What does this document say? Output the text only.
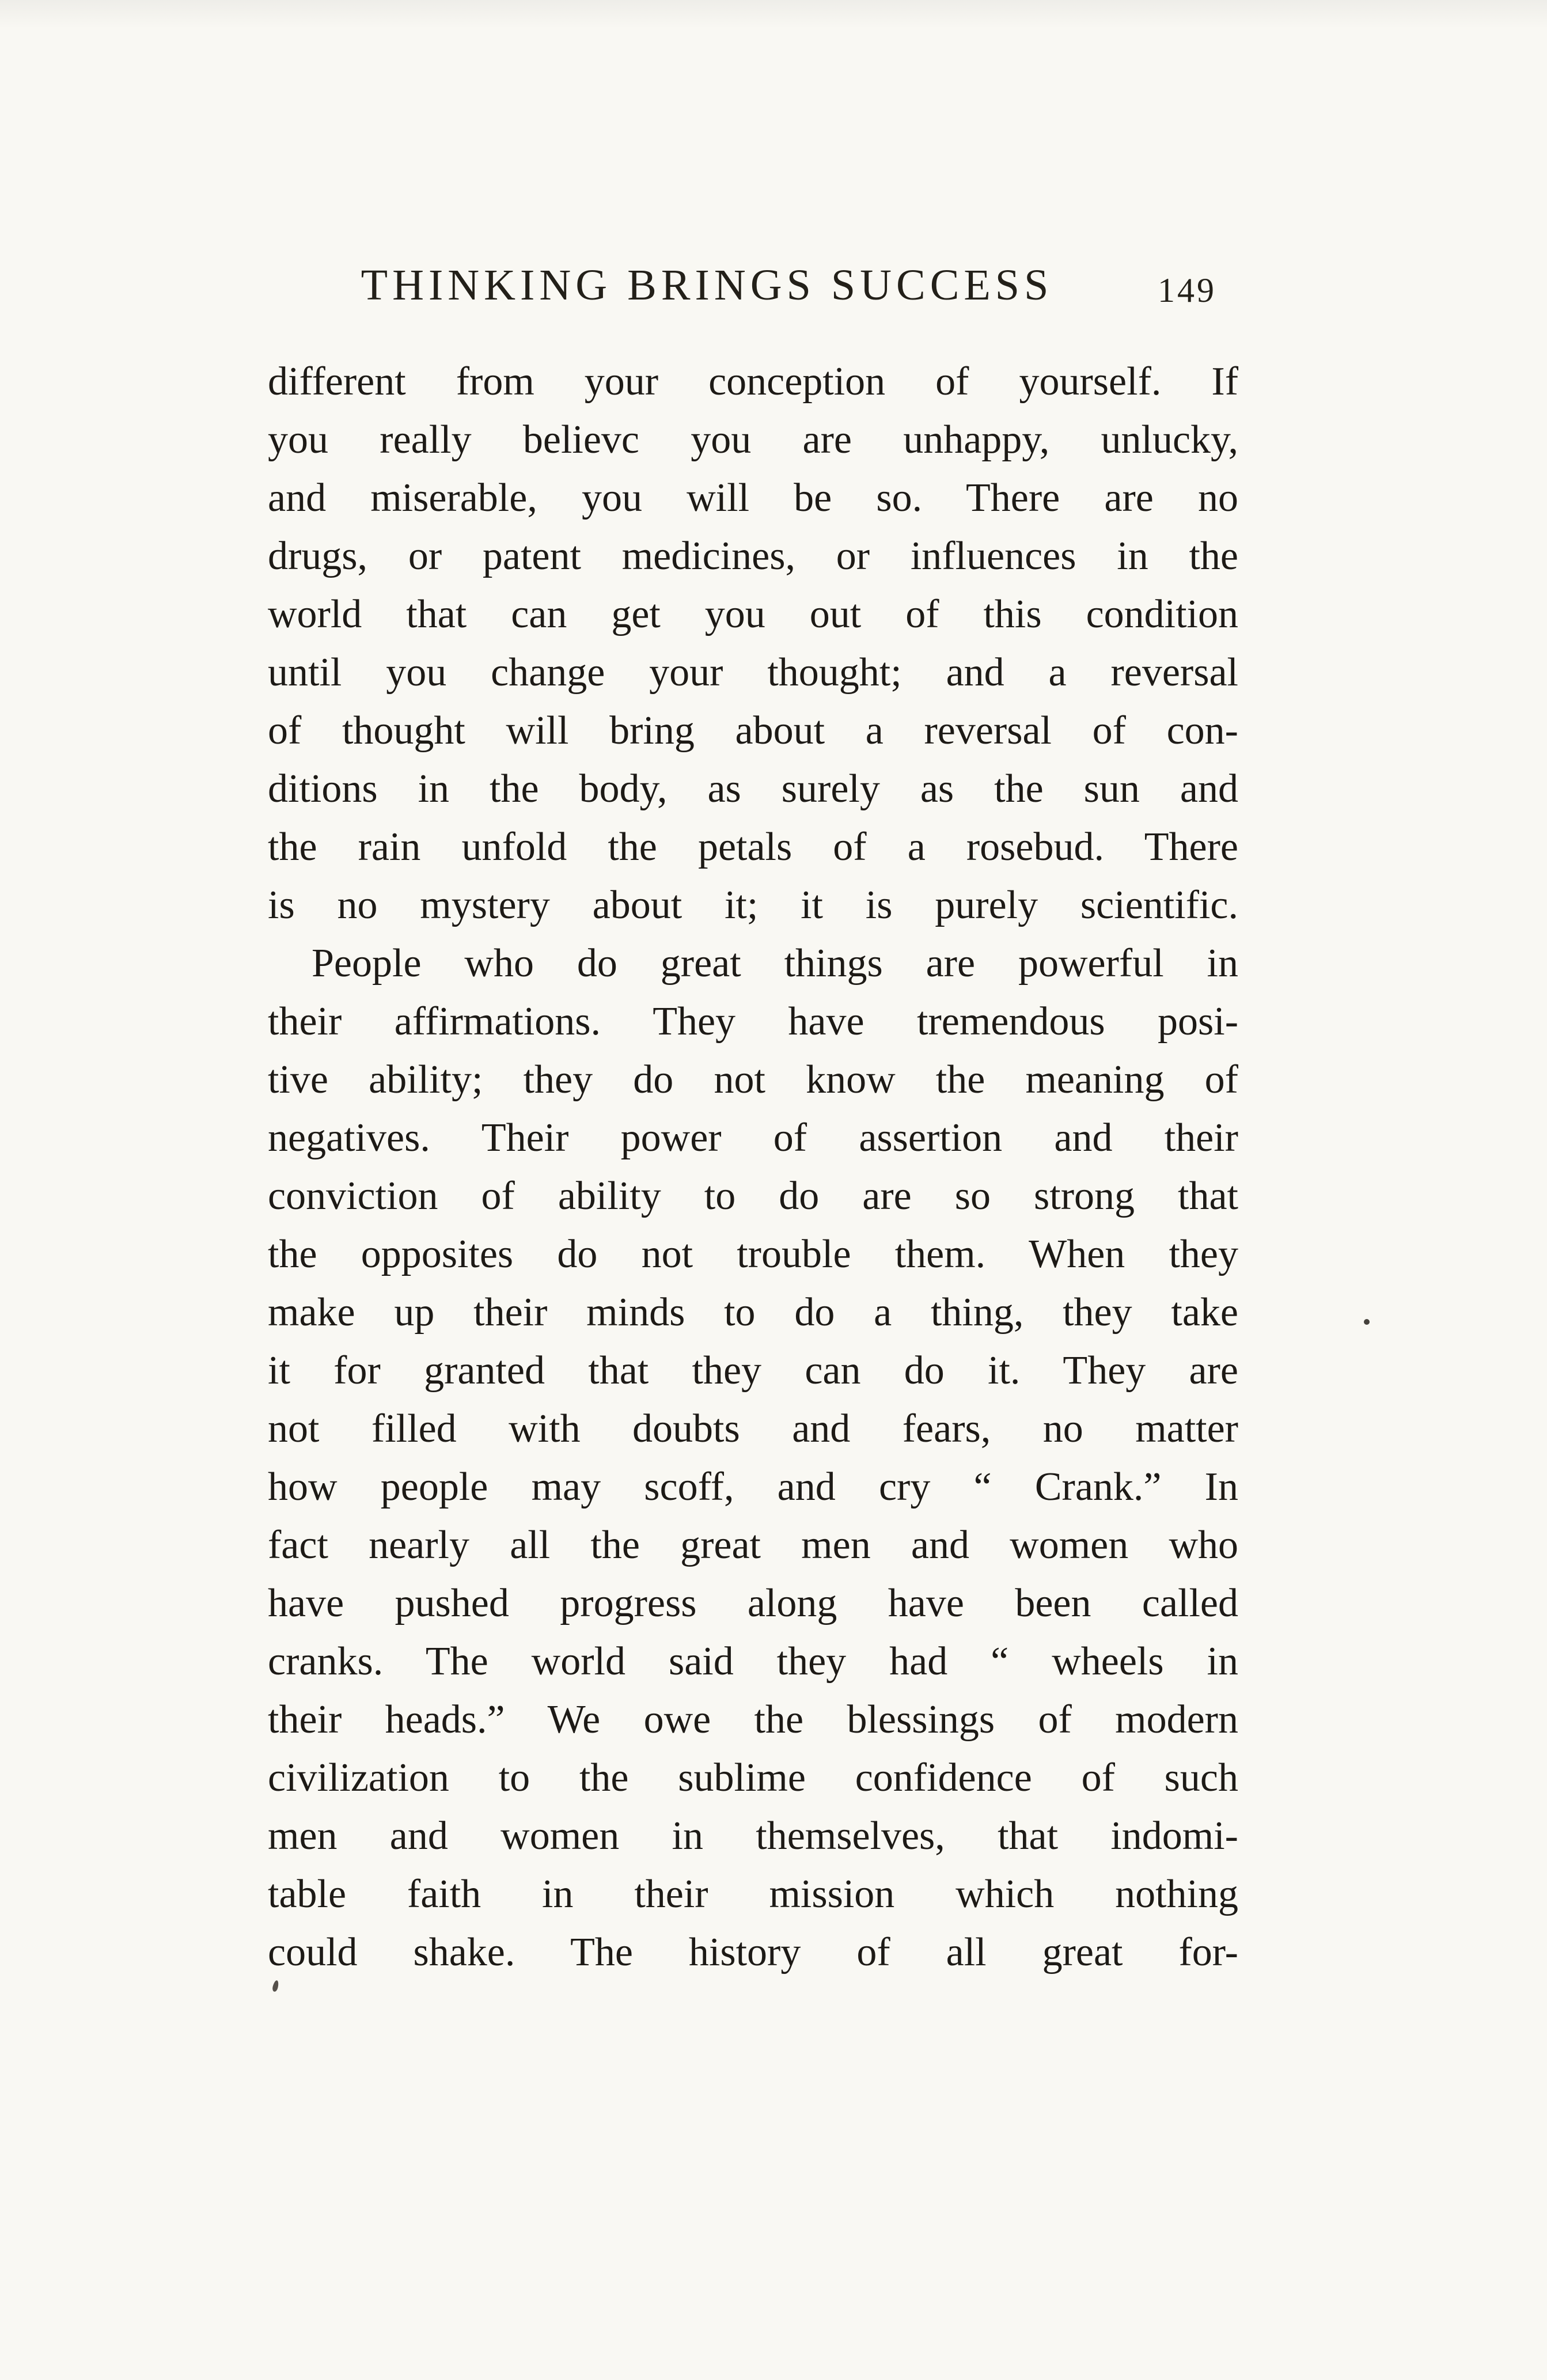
THINKING BRINGS SUCCESS	149
different from your conception of yourself. If
you really believc you are unhappy, unlucky,
and miserable, you will be so. There are no
drugs, or patent medicines, or influences in the
world that can get you out of this condition
until you change your thought; and a reversal
of thought will bring about a reversal of con-
ditions in the body, as surely as the sun and
the rain unfold the petals of a rosebud. There
is no mystery about it; it is purely scientific.
People who do great things are powerful in
their affirmations. They have tremendous posi-
tive ability; they do not know the meaning of
negatives. Their power of assertion and their
conviction of ability to do are so strong that
the opposites do not trouble them. When they
make up their minds to do a thing, they take
it for granted that they can do it. They are
not filled with doubts and fears, no matter
how people may scoff, and cry “ Crank.” In
fact nearly all the great men and women who
have pushed progress along have been called
cranks. The world said they had “ wheels in
their heads.” We owe the blessings of modern
civilization to the sublime confidence of such
men and women in themselves, that indomi-
table faith in their mission which nothing
could shake. The history of all great for-
